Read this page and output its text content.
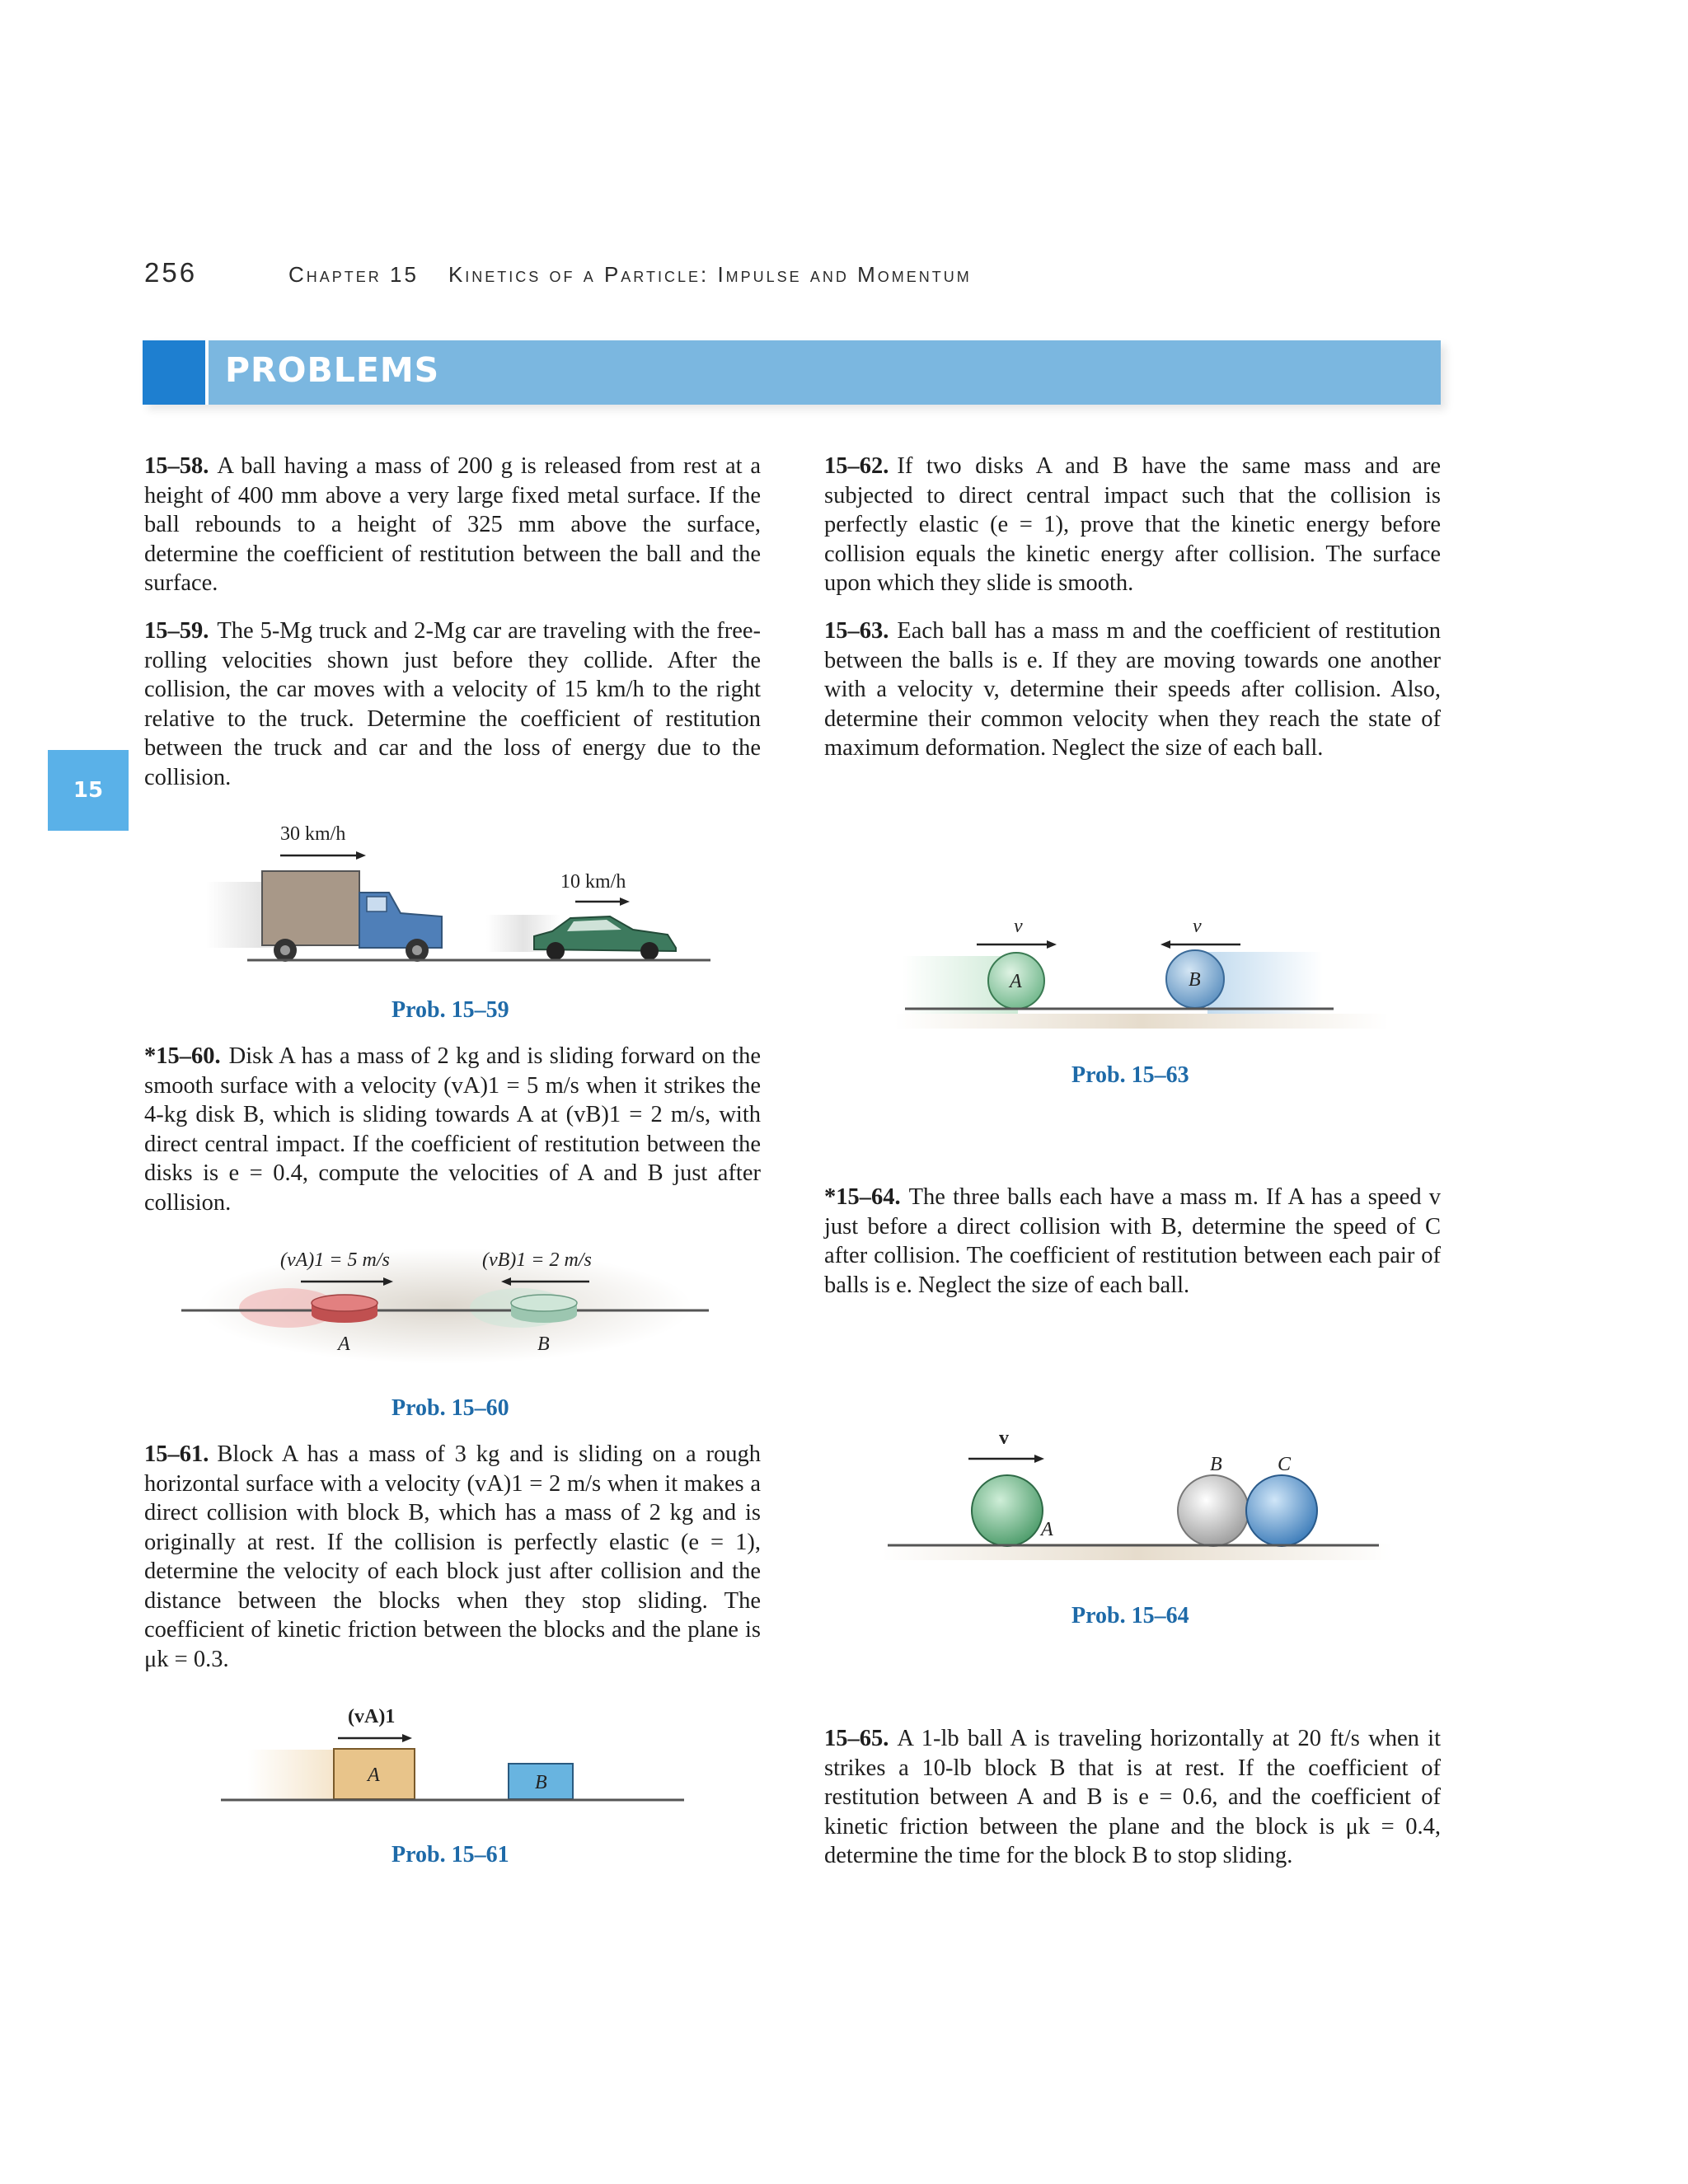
256	Chapter 15 Kinetics of a Particle: Impulse and Momentum
PROBLEMS
15
15–58. A ball having a mass of 200 g is released from rest at a height of 400 mm above a very large fixed metal surface. If the ball rebounds to a height of 325 mm above the surface, determine the coefficient of restitution between the ball and the surface.
15–59. The 5-Mg truck and 2-Mg car are traveling with the free-rolling velocities shown just before they collide. After the collision, the car moves with a velocity of 15 km/h to the right relative to the truck. Determine the coefficient of restitution between the truck and car and the loss of energy due to the collision.
30 km/h
10 km/h
Prob. 15–59
*15–60. Disk A has a mass of 2 kg and is sliding forward on the smooth surface with a velocity (vA)1 = 5 m/s when it strikes the 4-kg disk B, which is sliding towards A at (vB)1 = 2 m/s, with direct central impact. If the coefficient of restitution between the disks is e = 0.4, compute the velocities of A and B just after collision.
(vA)1 = 5 m/s	(vB)1 = 2 m/s
A	B
Prob. 15–60
15–61. Block A has a mass of 3 kg and is sliding on a rough horizontal surface with a velocity (vA)1 = 2 m/s when it makes a direct collision with block B, which has a mass of 2 kg and is originally at rest. If the collision is perfectly elastic (e = 1), determine the velocity of each block just after collision and the distance between the blocks when they stop sliding. The coefficient of kinetic friction between the blocks and the plane is μk = 0.3.
(vA)1
A	B
Prob. 15–61
15–62. If two disks A and B have the same mass and are subjected to direct central impact such that the collision is perfectly elastic (e = 1), prove that the kinetic energy before collision equals the kinetic energy after collision. The surface upon which they slide is smooth.
15–63. Each ball has a mass m and the coefficient of restitution between the balls is e. If they are moving towards one another with a velocity v, determine their speeds after collision. Also, determine their common velocity when they reach the state of maximum deformation. Neglect the size of each ball.
v	v
A	B
Prob. 15–63
*15–64. The three balls each have a mass m. If A has a speed v just before a direct collision with B, determine the speed of C after collision. The coefficient of restitution between each pair of balls is e. Neglect the size of each ball.
v
A
B	C
Prob. 15–64
15–65. A 1-lb ball A is traveling horizontally at 20 ft/s when it strikes a 10-lb block B that is at rest. If the coefficient of restitution between A and B is e = 0.6, and the coefficient of kinetic friction between the plane and the block is μk = 0.4, determine the time for the block B to stop sliding.
